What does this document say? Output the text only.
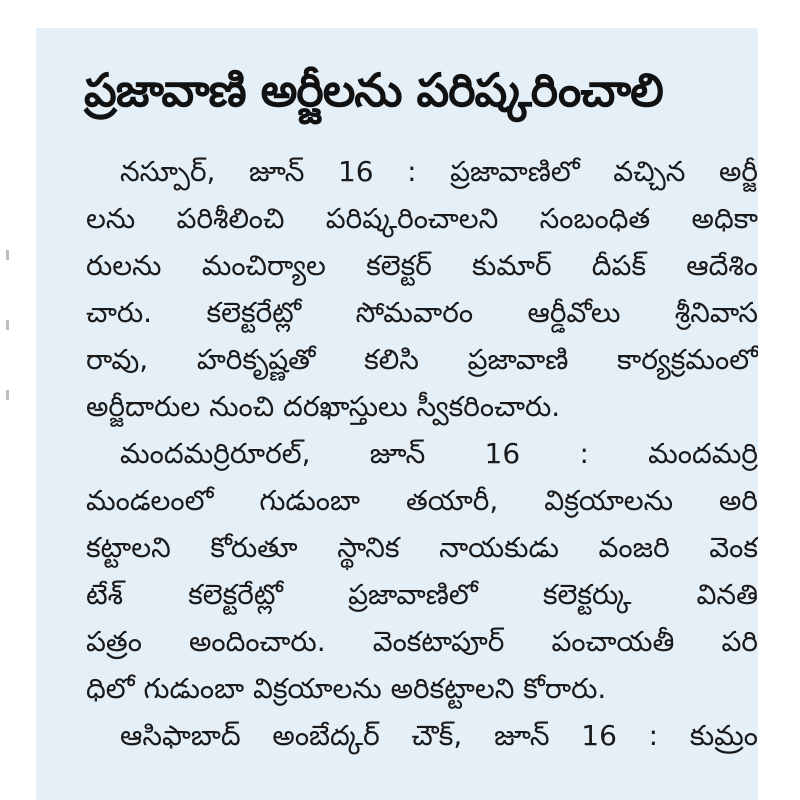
ప్రజావాణి అర్జీలను పరిష్కరించాలి
నస్పూర్, జూన్ 16 : ప్రజావాణిలో వచ్చిన అర్జీ
లను పరిశీలించి పరిష్కరించాలని సంబంధిత అధికా
రులను మంచిర్యాల కలెక్టర్ కుమార్ దీపక్ ఆదేశిం
చారు. కలెక్టరేట్లో సోమవారం ఆర్డీవోలు శ్రీనివాస
రావు, హరికృష్ణతో కలిసి ప్రజావాణి కార్యక్రమంలో
అర్జీదారుల నుంచి దరఖాస్తులు స్వీకరించారు.
మందమర్రిరూరల్, జూన్ 16 : మందమర్రి
మండలంలో గుడుంబా తయారీ, విక్రయాలను అరి
కట్టాలని కోరుతూ స్థానిక నాయకుడు వంజరి వెంక
టేశ్ కలెక్టరేట్లో ప్రజావాణిలో కలెక్టర్కు వినతి
పత్రం అందించారు. వెంకటాపూర్ పంచాయతీ పరి
ధిలో గుడుంబా విక్రయాలను అరికట్టాలని కోరారు.
ఆసిఫాబాద్ అంబేద్కర్ చౌక్, జూన్ 16 : కుమ్రం
